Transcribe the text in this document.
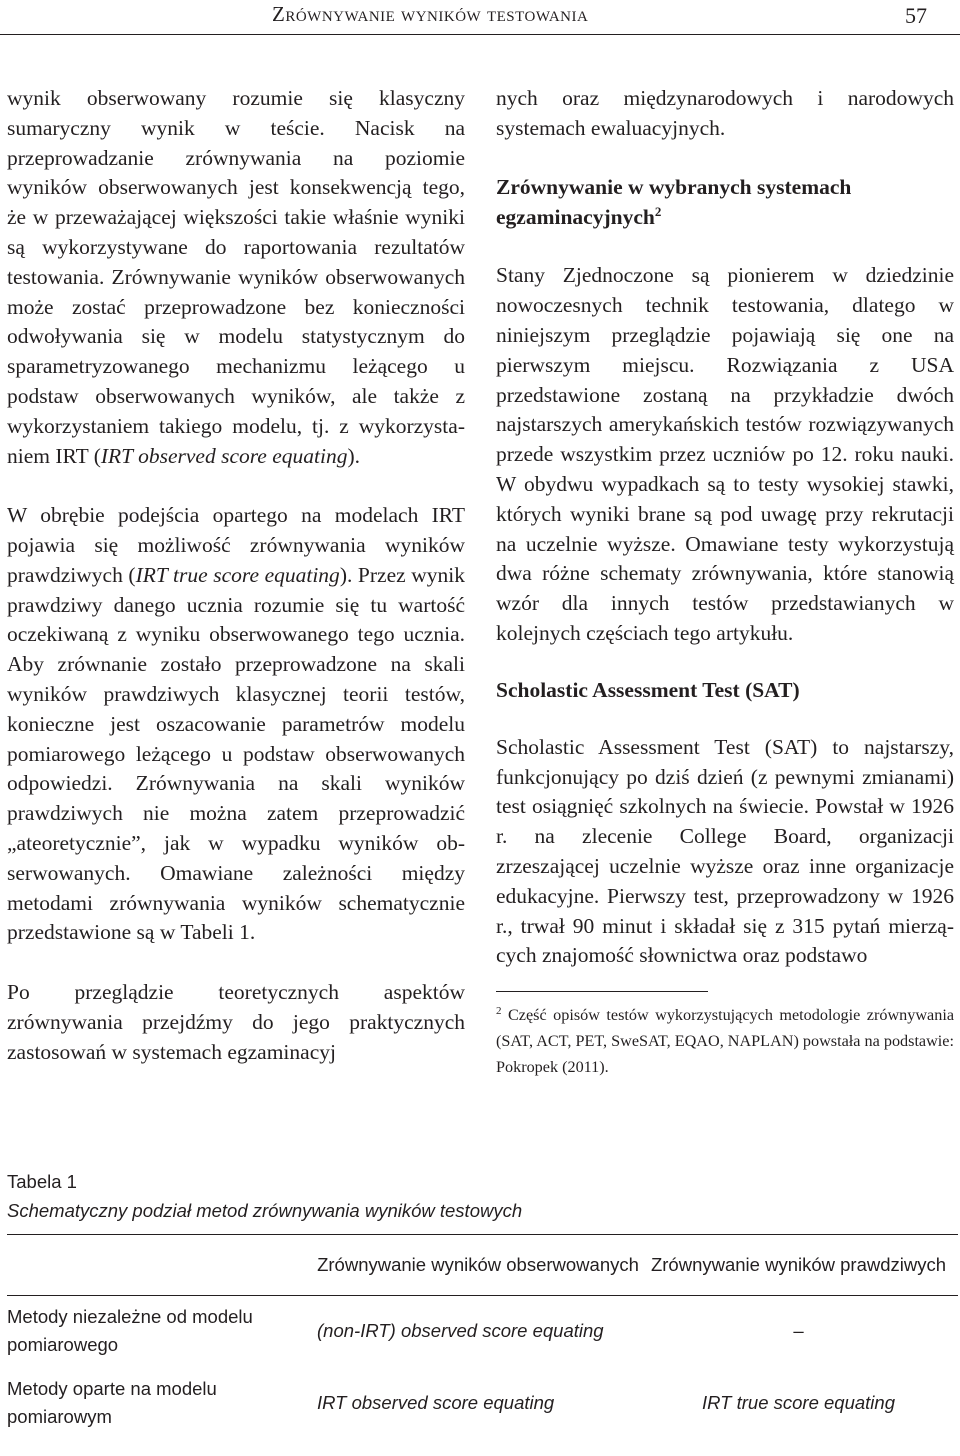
Zrównywanie wyników testowania	57

wynik obserwowany rozumie się klasyczny sumaryczny wynik w teście. Nacisk na przeprowadzanie zrównywania na poziomie wyników obserwowanych jest konsekwencją tego, że w przeważającej większości takie właśnie wyniki są wykorzystywane do raportowania rezultatów testowania. Zrównywanie wyników obserwowanych może zostać przeprowadzone bez konieczności odwoływania się w modelu statystycznym do sparametryzowanego mechanizmu leżącego u podstaw obserwowanych wyników, ale także z wykorzystaniem takiego modelu, tj. z wykorzystaniem IRT (IRT observed score equating).

W obrębie podejścia opartego na modelach IRT pojawia się możliwość zrównywania wyników prawdziwych (IRT true score equating). Przez wynik prawdziwy danego ucznia rozumie się tu wartość oczekiwaną z wyniku obserwowanego tego ucznia. Aby zrównanie zostało przeprowadzone na skali wyników prawdziwych klasycznej teorii testów, konieczne jest oszacowanie parametrów modelu pomiarowego leżącego u podstaw obserwowanych odpowiedzi. Zrównywania na skali wyników prawdziwych nie można zatem przeprowadzić „ateoretycznie”, jak w wypadku wyników obserwowanych. Omawiane zależności między metodami zrównywania wyników schematycznie przedstawione są w Tabeli 1.

Po przeglądzie teoretycznych aspektów zrównywania przejdźmy do jego praktycznych zastosowań w systemach egzaminacyj

nych oraz międzynarodowych i narodowych systemach ewaluacyjnych.

Zrównywanie w wybranych systemach egzaminacyjnych$^2$

Stany Zjednoczone są pionierem w dziedzinie nowoczesnych technik testowania, dlatego w niniejszym przeglądzie pojawiają się one na pierwszym miejscu. Rozwiązania z USA przedstawione zostaną na przykładzie dwóch najstarszych amerykańskich testów rozwiązywanych przede wszystkim przez uczniów po 12. roku nauki. W obydwu wypadkach są to testy wysokiej stawki, których wyniki brane są pod uwagę przy rekrutacji na uczelnie wyższe. Omawiane testy wykorzystują dwa różne schematy zrównywania, które stanowią wzór dla innych testów przedstawianych w kolejnych częściach tego artykułu.

Scholastic Assessment Test (SAT)

Scholastic Assessment Test (SAT) to najstarszy, funkcjonujący po dziś dzień (z pewnymi zmianami) test osiągnięć szkolnych na świecie. Powstał w 1926 r. na zlecenie College Board, organizacji zrzeszającej uczelnie wyższe oraz inne organizacje edukacyjne. Pierwszy test, przeprowadzony w 1926 r., trwał 90 minut i składał się z 315 pytań mierzących znajomość słownictwa oraz podstawo

$^2$ Część opisów testów wykorzystujących metodologie zrównywania (SAT, ACT, PET, SweSAT, EQAO, NAPLAN) powstała na podstawie: Pokropek (2011).
Tabela 1
Schematyczny podział metod zrównywania wyników testowych
	Zrównywanie wyników obserwowanych	Zrównywanie wyników prawdziwych
Metody niezależne od modelu pomiarowego	(non-IRT) observed score equating	–
Metody oparte na modelu pomiarowym	IRT observed score equating	IRT true score equating
